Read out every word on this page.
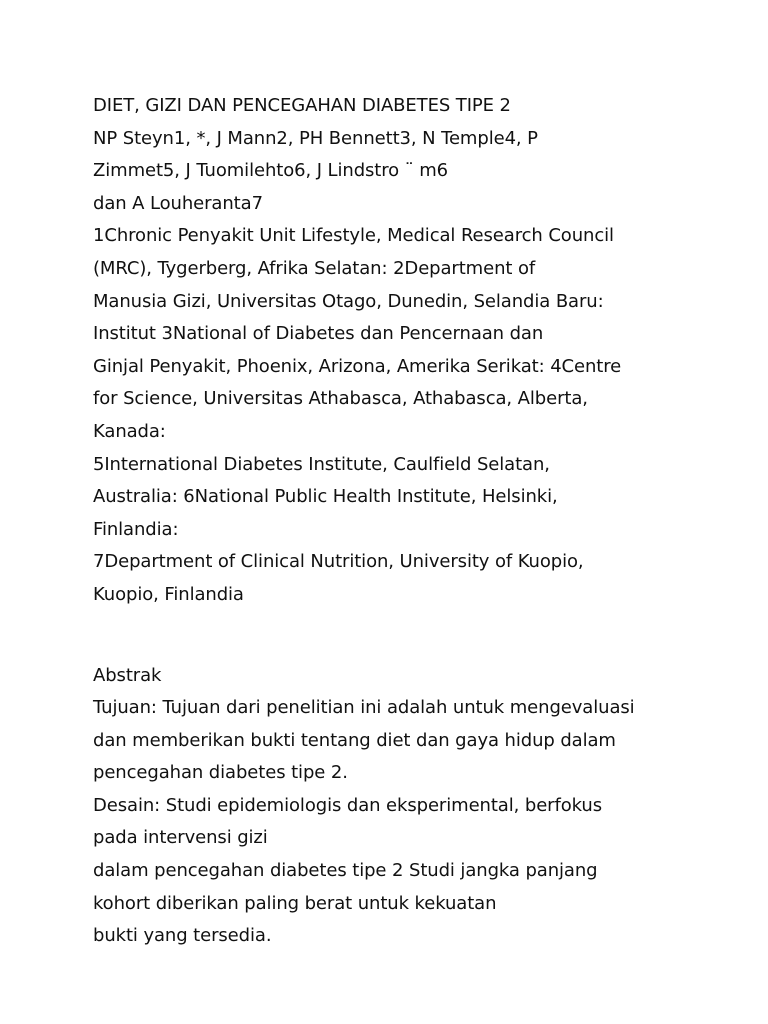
DIET, GIZI DAN PENCEGAHAN DIABETES TIPE 2
NP Steyn1, *, J Mann2, PH Bennett3, N Temple4, P
Zimmet5, J Tuomilehto6, J Lindstro ¨ m6
dan A Louheranta7
1Chronic Penyakit Unit Lifestyle, Medical Research Council
(MRC), Tygerberg, Afrika Selatan: 2Department of
Manusia Gizi, Universitas Otago, Dunedin, Selandia Baru:
Institut 3National of Diabetes dan Pencernaan dan
Ginjal Penyakit, Phoenix, Arizona, Amerika Serikat: 4Centre
for Science, Universitas Athabasca, Athabasca, Alberta,
Kanada:
5International Diabetes Institute, Caulfield Selatan,
Australia: 6National Public Health Institute, Helsinki,
Finlandia:
7Department of Clinical Nutrition, University of Kuopio,
Kuopio, Finlandia
Abstrak
Tujuan: Tujuan dari penelitian ini adalah untuk mengevaluasi
dan memberikan bukti tentang diet dan gaya hidup dalam
pencegahan diabetes tipe 2.
Desain: Studi epidemiologis dan eksperimental, berfokus
pada intervensi gizi
dalam pencegahan diabetes tipe 2 Studi jangka panjang
kohort diberikan paling berat untuk kekuatan
bukti yang tersedia.
